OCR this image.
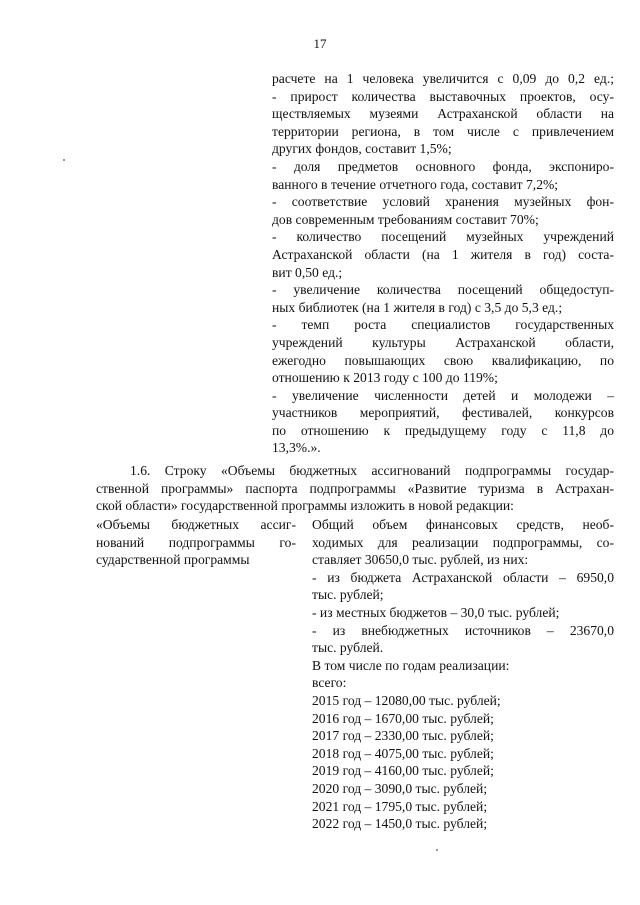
17
расчете на 1 человека увеличится с 0,09 до 0,2 ед.;
- прирост количества выставочных проектов, осу-
ществляемых музеями Астраханской области на
территории региона, в том числе с привлечением
других фондов, составит 1,5%;
- доля предметов основного фонда, экспониро-
ванного в течение отчетного года, составит 7,2%;
- соответствие условий хранения музейных фон-
дов современным требованиям составит 70%;
- количество посещений музейных учреждений
Астраханской области (на 1 жителя в год) соста-
вит 0,50 ед.;
- увеличение количества посещений общедоступ-
ных библиотек (на 1 жителя в год) с 3,5 до 5,3 ед.;
- темп роста специалистов государственных
учреждений культуры Астраханской области,
ежегодно повышающих свою квалификацию, по
отношению к 2013 году с 100 до 119%;
- увеличение численности детей и молодежи –
участников мероприятий, фестивалей, конкурсов
по отношению к предыдущему году с 11,8 до
13,3%.».
1.6. Строку «Объемы бюджетных ассигнований подпрограммы государ-
ственной программы» паспорта подпрограммы «Развитие туризма в Астрахан-
ской области» государственной программы изложить в новой редакции:
«Объемы бюджетных ассиг-
нований подпрограммы го-
сударственной программы
Общий объем финансовых средств, необ-
ходимых для реализации подпрограммы, со-
ставляет 30650,0 тыс. рублей, из них:
- из бюджета Астраханской области – 6950,0
тыс. рублей;
- из местных бюджетов – 30,0 тыс. рублей;
- из внебюджетных источников – 23670,0
тыс. рублей.
В том числе по годам реализации:
всего:
2015 год – 12080,00 тыс. рублей;
2016 год – 1670,00 тыс. рублей;
2017 год – 2330,00 тыс. рублей;
2018 год – 4075,00 тыс. рублей;
2019 год – 4160,00 тыс. рублей;
2020 год – 3090,0 тыс. рублей;
2021 год – 1795,0 тыс. рублей;
2022 год – 1450,0 тыс. рублей;
